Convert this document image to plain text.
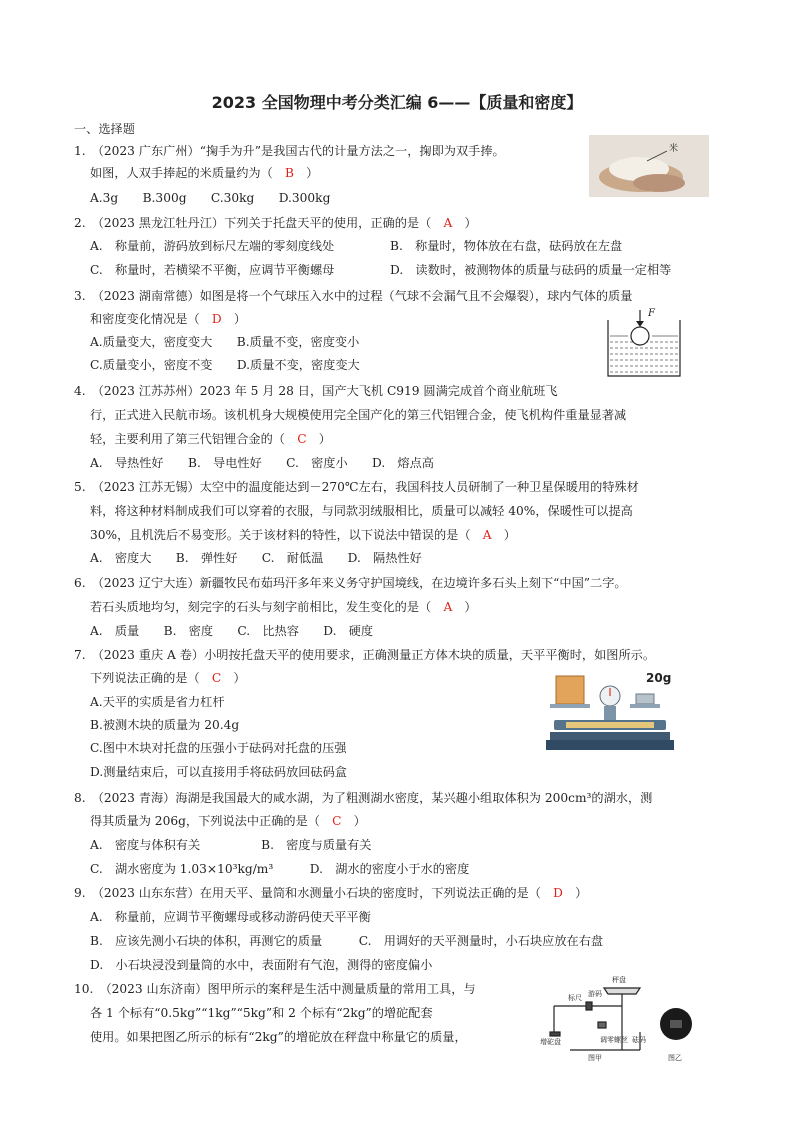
2023 全国物理中考分类汇编 6——【质量和密度】
一、选择题
1.　（2023 广东广州）“掬手为升”是我国古代的计量方法之一，掬即为双手捧。
如图，人双手捧起的米质量约为（　B　）
A.3g　　B.300g　　C.30kg　　D.300kg
米
2.　（2023 黑龙江牡丹江）下列关于托盘天平的使用，正确的是（　A　）
A.　称量前，游码放到标尺左端的零刻度线处	B.　称量时，物体放在右盘，砝码放在左盘
C.　称量时，若横梁不平衡，应调节平衡螺母	D.　读数时，被测物体的质量与砝码的质量一定相等
3.　（2023 湖南常德）如图是将一个气球压入水中的过程（气球不会漏气且不会爆裂），球内气体的质量
和密度变化情况是（　D　）
A.质量变大，密度变大　　B.质量不变，密度变小
C.质量变小，密度不变　　D.质量不变，密度变大
F
4.　（2023 江苏苏州）2023 年 5 月 28 日，国产大飞机 C919 圆满完成首个商业航班飞
行，正式进入民航市场。该机机身大规模使用完全国产化的第三代铝锂合金，使飞机构件重量显著减
轻，主要利用了第三代铝锂合金的（　C　）
A.　导热性好　　B.　导电性好　　C.　密度小　　D.　熔点高
5.　（2023 江苏无锡）太空中的温度能达到－270℃左右，我国科技人员研制了一种卫星保暖用的特殊材
料，将这种材料制成我们可以穿着的衣服，与同款羽绒服相比，质量可以减轻 40%，保暖性可以提高
30%，且机洗后不易变形。关于该材料的特性，以下说法中错误的是（　A　）
A.　密度大　　B.　弹性好　　C.　耐低温　　D.　隔热性好
6.　（2023 辽宁大连）新疆牧民布茹玛汗多年来义务守护国境线，在边境许多石头上刻下“中国”二字。
若石头质地均匀，刻完字的石头与刻字前相比，发生变化的是（　A　）
A.　质量　　B.　密度　　C.　比热容　　D.　硬度
7.　（2023 重庆 A 卷）小明按托盘天平的使用要求，正确测量正方体木块的质量，天平平衡时，如图所示。
下列说法正确的是（　C　）
A.天平的实质是省力杠杆
B.被测木块的质量为 20.4g
C.图中木块对托盘的压强小于砝码对托盘的压强
D.测量结束后，可以直接用手将砝码放回砝码盒
20g
8.　（2023 青海）海湖是我国最大的咸水湖，为了粗测湖水密度，某兴趣小组取体积为 200cm³的湖水，测
得其质量为 206g，下列说法中正确的是（　C　）
A.　密度与体积有关　　　　　B.　密度与质量有关
C.　湖水密度为 1.03×10³kg/m³　　　D.　湖水的密度小于水的密度
9.　（2023 山东东营）在用天平、量筒和水测量小石块的密度时，下列说法正确的是（　D　）
A.　称量前，应调节平衡螺母或移动游码使天平平衡
B.　应该先测小石块的体积，再测它的质量　　　C.　用调好的天平测量时，小石块应放在右盘
D.　小石块浸没到量筒的水中，表面附有气泡，测得的密度偏小
10.　（2023 山东济南）图甲所示的案秤是生活中测量质量的常用工具，与
各 1 个标有“0.5kg”“1kg”“5kg”和 2 个标有“2kg”的增砣配套
使用。如果把图乙所示的标有“2kg”的增砣放在秤盘中称量它的质量，
秤盘
标尺 游码
调零螺丝 砝码
增砣盘
图甲	图乙
